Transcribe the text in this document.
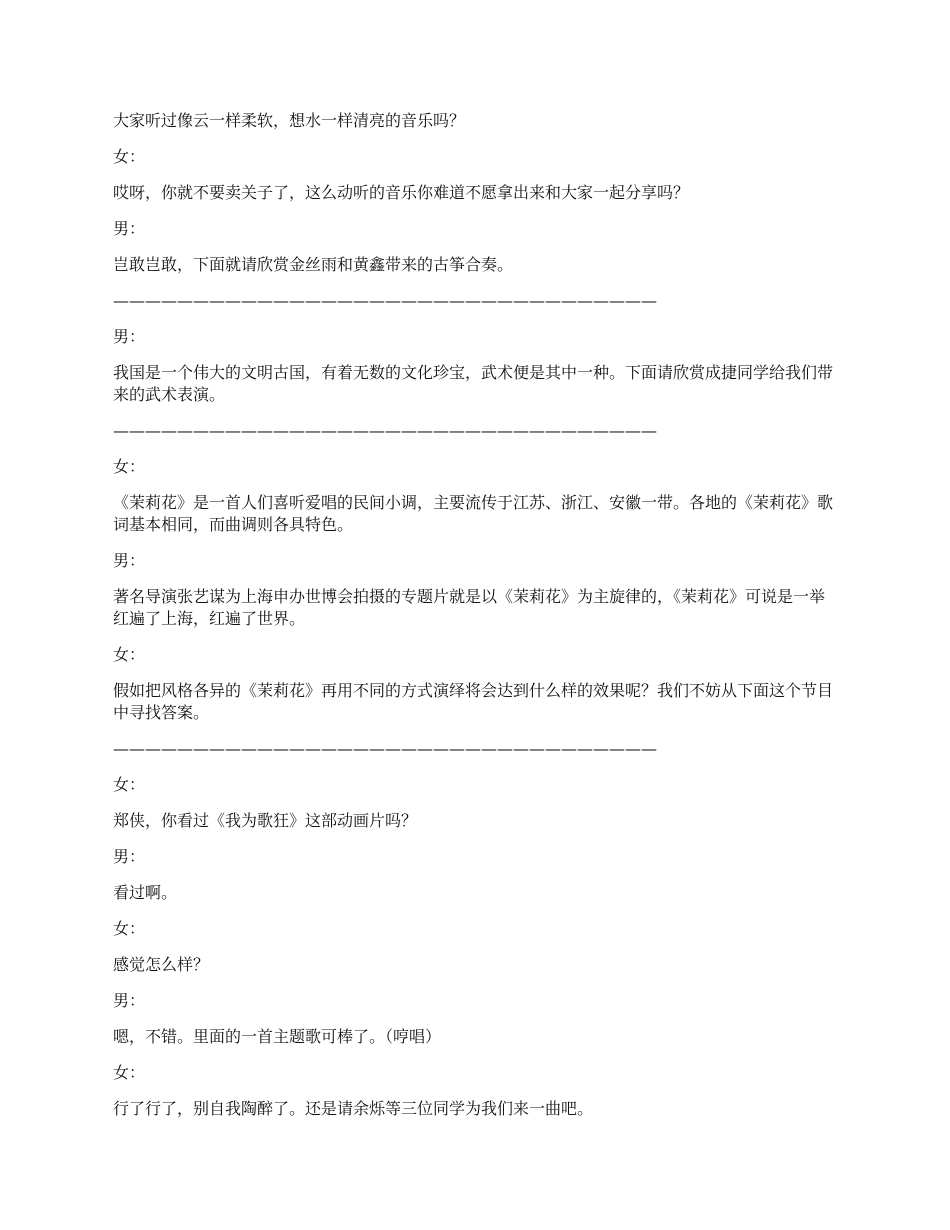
大家听过像云一样柔软，想水一样清亮的音乐吗？

女：

哎呀，你就不要卖关子了，这么动听的音乐你难道不愿拿出来和大家一起分享吗？

男：

岂敢岂敢，下面就请欣赏金丝雨和黄鑫带来的古筝合奏。

——————————————————————————————————

男：

我国是一个伟大的文明古国，有着无数的文化珍宝，武术便是其中一种。下面请欣赏成捷同学给我们带来的武术表演。

——————————————————————————————————

女：

《茉莉花》是一首人们喜听爱唱的民间小调，主要流传于江苏、浙江、安徽一带。各地的《茉莉花》歌词基本相同，而曲调则各具特色。

男：

著名导演张艺谋为上海申办世博会拍摄的专题片就是以《茉莉花》为主旋律的，《茉莉花》可说是一举红遍了上海，红遍了世界。

女：

假如把风格各异的《茉莉花》再用不同的方式演绎将会达到什么样的效果呢？我们不妨从下面这个节目中寻找答案。

——————————————————————————————————

女：

郑侠，你看过《我为歌狂》这部动画片吗？

男：

看过啊。

女：

感觉怎么样？

男：

嗯，不错。里面的一首主题歌可棒了。（哼唱）

女：

行了行了，别自我陶醉了。还是请余烁等三位同学为我们来一曲吧。
